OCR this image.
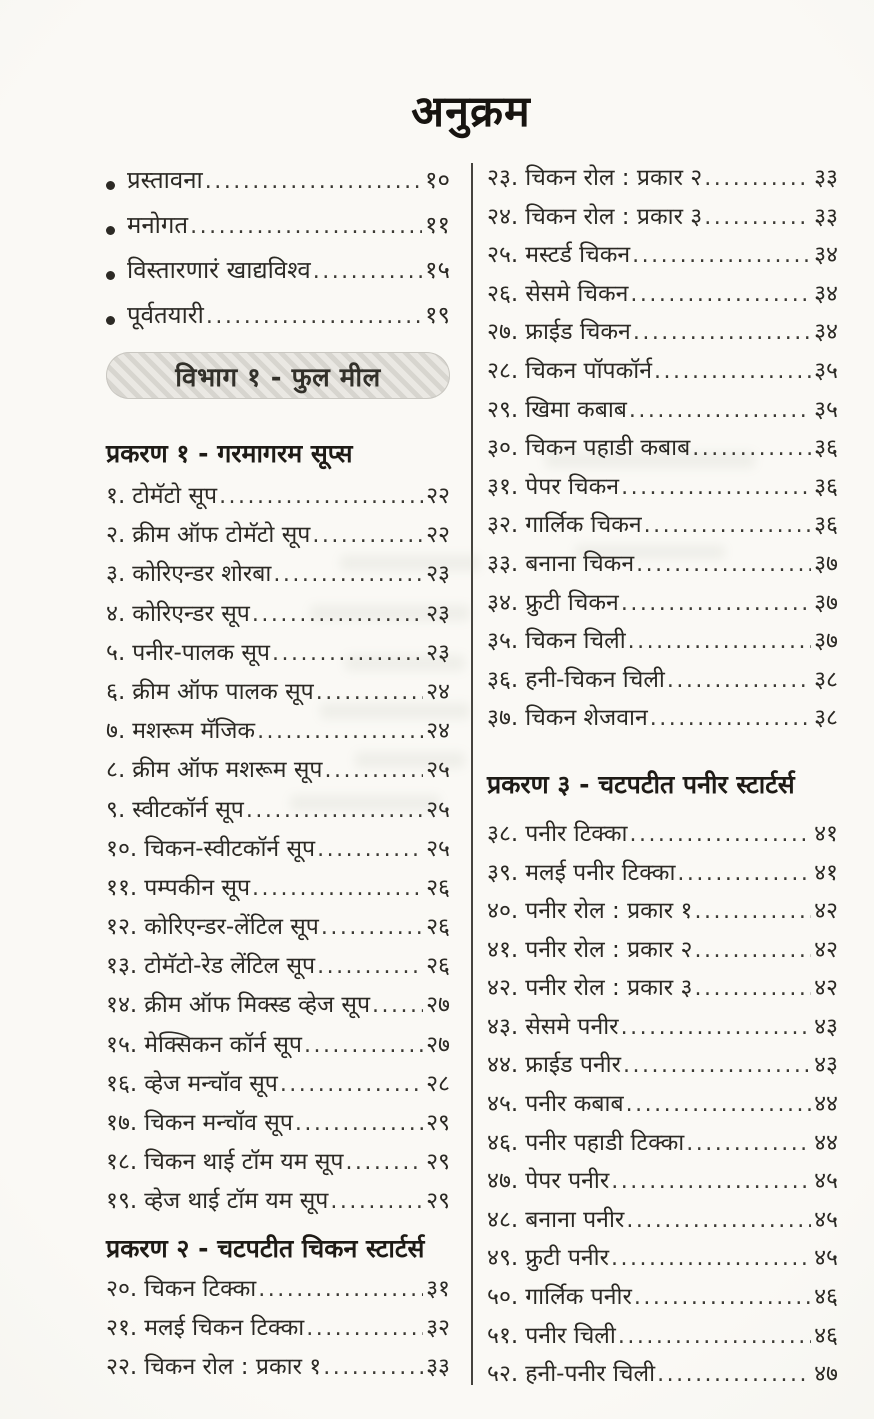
अनुक्रम
प्रस्तावना .....	१०
मनोगत .....	११
विस्तारणारं खाद्यविश्व .....	१५
पूर्वतयारी .....	१९
विभाग १ - फुल मील
प्रकरण १ - गरमागरम सूप्स
१. टोमॅटो सूप .....	२२
२. क्रीम ऑफ टोमॅटो सूप .....	२२
३. कोरिएन्डर शोरबा .....	२३
४. कोरिएन्डर सूप .....	२३
५. पनीर-पालक सूप .....	२३
६. क्रीम ऑफ पालक सूप .....	२४
७. मशरूम मॅजिक .....	२४
८. क्रीम ऑफ मशरूम सूप .....	२५
९. स्वीटकॉर्न सूप .....	२५
१०. चिकन-स्वीटकॉर्न सूप .....	२५
११. पम्पकीन सूप .....	२६
१२. कोरिएन्डर-लेंटिल सूप .....	२६
१३. टोमॅटो-रेड लेंटिल सूप .....	२६
१४. क्रीम ऑफ मिक्स्ड व्हेज सूप ..... २७
१५. मेक्सिकन कॉर्न सूप .....	२७
१६. व्हेज मन्चॉव सूप .....	२८
१७. चिकन मन्चॉव सूप .....	२९
१८. चिकन थाई टॉम यम सूप .....	२९
१९. व्हेज थाई टॉम यम सूप .....	२९
प्रकरण २ - चटपटीत चिकन स्टार्टर्स
२०. चिकन टिक्का .....	३१
२१. मलई चिकन टिक्का .....	३२
२२. चिकन रोल : प्रकार १ .....	३३
२३. चिकन रोल : प्रकार २ .....	३३
२४. चिकन रोल : प्रकार ३ .....	३३
२५. मस्टर्ड चिकन .....	३४
२६. सेसमे चिकन .....	३४
२७. फ्राईड चिकन .....	३४
२८. चिकन पॉपकॉर्न .....	३५
२९. खिमा कबाब .....	३५
३०. चिकन पहाडी कबाब .....	३६
३१. पेपर चिकन .....	३६
३२. गार्लिक चिकन .....	३६
३३. बनाना चिकन .....	३७
३४. फ्रुटी चिकन .....	३७
३५. चिकन चिली .....	३७
३६. हनी-चिकन चिली .....	३८
३७. चिकन शेजवान .....	३८
प्रकरण ३ - चटपटीत पनीर स्टार्टर्स
३८. पनीर टिक्का .....	४१
३९. मलई पनीर टिक्का .....	४१
४०. पनीर रोल : प्रकार १ .....	४२
४१. पनीर रोल : प्रकार २ .....	४२
४२. पनीर रोल : प्रकार ३ .....	४२
४३. सेसमे पनीर .....	४३
४४. फ्राईड पनीर .....	४३
४५. पनीर कबाब .....	४४
४६. पनीर पहाडी टिक्का .....	४४
४७. पेपर पनीर .....	४५
४८. बनाना पनीर .....	४५
४९. फ्रुटी पनीर .....	४५
५०. गार्लिक पनीर .....	४६
५१. पनीर चिली .....	४६
५२. हनी-पनीर चिली .....	४७
